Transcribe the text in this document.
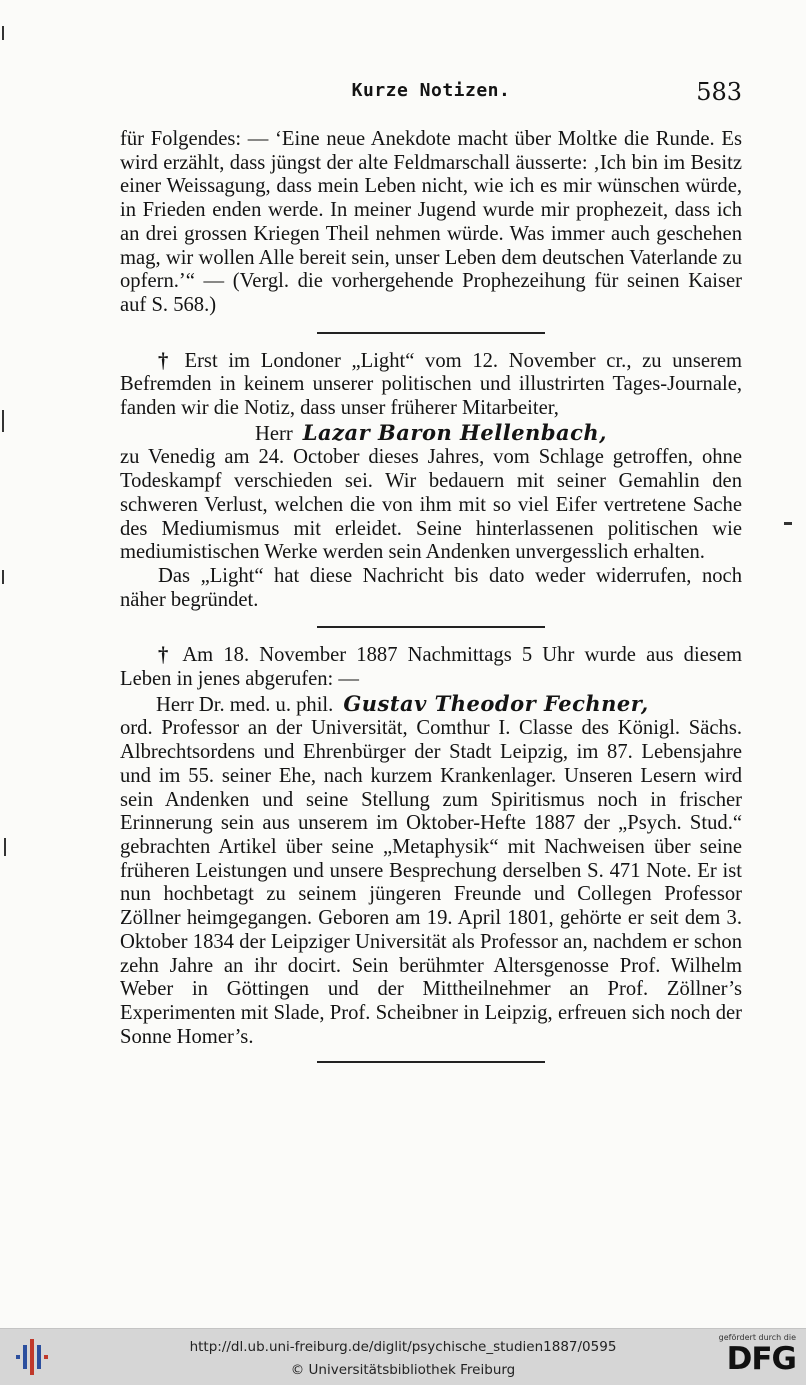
Kurze Notizen.	583

für Folgendes: — ‘Eine neue Anekdote macht über Moltke die Runde. Es wird erzählt, dass jüngst der alte Feldmarschall äusserte: ‚Ich bin im Besitz einer Weissagung, dass mein Leben nicht, wie ich es mir wünschen würde, in Frieden enden werde. In meiner Jugend wurde mir prophezeit, dass ich an drei grossen Kriegen Theil nehmen würde. Was immer auch geschehen mag, wir wollen Alle bereit sein, unser Leben dem deutschen Vaterlande zu opfern.’“ — (Vergl. die vorhergehende Prophezeihung für seinen Kaiser auf S. 568.)

† Erst im Londoner „Light“ vom 12. November cr., zu unserem Befremden in keinem unserer politischen und illustrirten Tages-Journale, fanden wir die Notiz, dass unser früherer Mitarbeiter,

Herr Lazar Baron Hellenbach,

zu Venedig am 24. October dieses Jahres, vom Schlage getroffen, ohne Todeskampf verschieden sei. Wir bedauern mit seiner Gemahlin den schweren Verlust, welchen die von ihm mit so viel Eifer vertretene Sache des Mediumismus mit erleidet. Seine hinterlassenen politischen wie mediumistischen Werke werden sein Andenken unvergesslich erhalten.

Das „Light“ hat diese Nachricht bis dato weder widerrufen, noch näher begründet.

† Am 18. November 1887 Nachmittags 5 Uhr wurde aus diesem Leben in jenes abgerufen: —

Herr Dr. med. u. phil. Gustav Theodor Fechner,

ord. Professor an der Universität, Comthur I. Classe des Königl. Sächs. Albrechtsordens und Ehrenbürger der Stadt Leipzig, im 87. Lebensjahre und im 55. seiner Ehe, nach kurzem Krankenlager. Unseren Lesern wird sein Andenken und seine Stellung zum Spiritismus noch in frischer Erinnerung sein aus unserem im Oktober-Hefte 1887 der „Psych. Stud.“ gebrachten Artikel über seine „Metaphysik“ mit Nachweisen über seine früheren Leistungen und unsere Besprechung derselben S. 471 Note. Er ist nun hochbetagt zu seinem jüngeren Freunde und Collegen Professor Zöllner heimgegangen. Geboren am 19. April 1801, gehörte er seit dem 3. Oktober 1834 der Leipziger Universität als Professor an, nachdem er schon zehn Jahre an ihr docirt. Sein berühmter Altersgenosse Prof. Wilhelm Weber in Göttingen und der Mittheilnehmer an Prof. Zöllner’s Experimenten mit Slade, Prof. Scheibner in Leipzig, erfreuen sich noch der Sonne Homer’s.

http://dl.ub.uni-freiburg.de/diglit/psychische_studien1887/0595
© Universitätsbibliothek Freiburg
gefördert durch die
DFG
